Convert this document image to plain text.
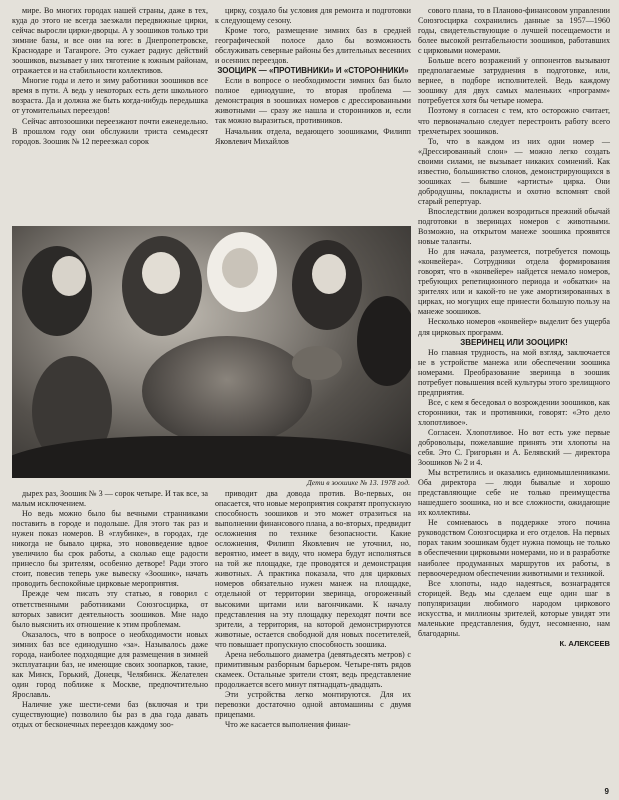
мире. Во многих городах нашей страны, даже в тех, куда до этого не всегда заезжали передвижные цирки, сейчас выросли цирки-дворцы. А у зоошиков только три зимние базы, и все они на юге: в Днепропетровске, Краснодаре и Таганроге. Это сужает радиус действий зоошиков, вызывает у них тяготение к южным районам, отражается и на стабильности коллективов.

Многие годы и лето и зиму работники зоошиков все время в пути. А ведь у некоторых есть дети школьного возраста. Да и должна же быть когда-нибудь передышка от утомительных переездов!

Сейчас автозоошики переезжают почти еженедельно. В прошлом году они обслужили триста семьдесят городов. Зоошик № 12 переезжал сорок

цирку, создало бы условия для ремонта и подготовки к следующему сезону.

Кроме того, размещение зимних баз в средней географической полосе дало бы возможность обслуживать северные районы без длительных весенних и осенних переездов.

ЗООЦИРК — «ПРОТИВНИКИ» И «СТОРОННИКИ»

Если в вопросе о необходимости зимних баз было полное единодушие, то вторая проблема — демонстрация в зоошиках номеров с дрессированными животными — сразу же нашла и сторонников и, если так можно выразиться, противников.

Начальник отдела, ведающего зоошиками, Филипп Яковлевич Михайлов

Дети в зоошике № 13. 1978 год.

дырех раз, Зоошик № 3 — сорок четыре. И так все, за малым исключением.

Но ведь можно было бы вечными странниками поставить в городе и подольше. Для этого так раз и нужен показ номеров. В «глубинке», в городах, где никогда не бывало цирка, это нововведение вдвое увеличило бы срок работы, а сколько еще радости принесло бы зрителям, особенно детворе! Ради этого стоит, повесив теперь уже вывеску «Зоошик», начать проводить беспокойные цирковые мероприятия.

Прежде чем писать эту статью, я говорил с ответственными работниками Союзгосцирка, от которых зависит деятельность зоошиков. Мне надо было выяснить их отношение к этим проблемам.

Оказалось, что в вопросе о необходимости новых зимних баз все единодушно «за». Называлось даже города, наиболее подходящие для размещения в зимней эксплуатации баз, не имеющие своих зоопарков, такие, как Минск, Горький, Донецк, Челябинск. Желателен один город поближе к Москве, предпочтительно Ярославль.

Наличие уже шести-семи баз (включая и три существующие) позволило бы раз в два года давать отдых от бесконечных переездов каждому зоо-

приводит два довода против. Во-первых, он опасается, что новые мероприятия сократят пропускную способность зоошиков и это может отразиться на выполнении финансового плана, а во-вторых, предвидит осложнения по технике безопасности. Какие осложнения, Филипп Яковлевич не уточнил, но, вероятно, имеет в виду, что номера будут исполняться на той же площадке, где проводятся и демонстрация животных. А практика показала, что для цирковых номеров обязательно нужен манеж на площадке, отдельной от территории зверинца, огороженный высокими щитами или вагончиками. К началу представления на эту площадку переходят почти все зрители, а территория, на которой демонстрируются животные, остается свободной для новых посетителей, что повышает пропускную способность зоошика.

Арена небольшого диаметра (девятьдесять метров) с примитивным разборным барьером. Четыре-пять рядов скамеек. Остальные зрители стоят, ведь представление продолжается всего минут пятнадцать-двадцать.

Эти устройства легко монтируются. Для их перевозки достаточно одной автомашины с двумя прицепами.

Что же касается выполнения финан-

сового плана, то в Планово-финансовом управлении Союзгосцирка сохранились данные за 1957—1960 годы, свидетельствующие о лучшей посещаемости и более высокой рентабельности зоошиков, работавших с цирковыми номерами.

Больше всего возражений у оппонентов вызывают предполагаемые затруднения в подготовке, или, вернее, в подборе исполнителей. Ведь каждому зоошику для двух самых маленьких «программ» потребуется хотя бы четыре номера.

Поэтому я согласен с тем, кто осторожно считает, что первоначально следует перестроить работу всего трехчетырех зоошиков.

То, что в каждом из них одни номер — «Дрессированный слон» — можно легко создать своими силами, не вызывает никаких сомнений. Как известно, большинство слонов, демонстрирующихся в зоошиках — бывшие «артисты» цирка. Они добродушны, покладисты и охотно вспомнят свой старый репертуар.

Впоследствии должен возродиться прежний обычай подготовки в зверинцах номеров с животными. Возможно, на открытом манеже зоошика проявятся новые таланты.

Но для начала, разумеется, потребуется помощь «конвейера». Сотрудники отдела формирования говорят, что в «конвейере» найдется немало номеров, требующих репетиционного периода и «обкатки» на зрителях или и какой-то не уже амортизированных в цирках, но могущих еще принести большую пользу на манеже зоошиков.

Несколько номеров «конвейер» выделит без ущерба для цирковых программ.

ЗВЕРИНЕЦ ИЛИ ЗООЦИРК!

Но главная трудность, на мой взгляд, заключается не в устройстве манежа или обеспечении зоошика номерами. Преобразование зверинца в зоошик потребует повышения всей культуры этого зрелищного предприятия.

Все, с кем я беседовал о возрождении зоошиков, как сторонники, так и противники, говорят: «Это дело хлопотливое».

Согласен. Хлопотливое. Но вот есть уже первые добровольцы, пожелавшие принять эти хлопоты на себя. Это С. Григорьян и А. Белявский — директора Зоошиков № 2 и 4.

Мы встретились и оказались единомышленниками. Оба директора — люди бывалые и хорошо представляющие себе не только преимущества нашедшего зоошика, но и все сложности, ожидающие их коллективы.

Не сомневаюсь в поддержке этого почина руководством Союзгосцирка и его отделов. На первых порах таким зоошикам будет нужна помощь не только в обеспечении цирковыми номерами, но и в разработке наиболее продуманных маршрутов их работы, в первоочередном обеспечении животными и техникой.

Все хлопоты, надо надеяться, вознаградятся сторицей. Ведь мы сделаем еще один шаг в популяризации любимого народом циркового искусства, и миллионы зрителей, которые увидят эти маленькие представления, будут, несомненно, нам благодарны.

К. АЛЕКСЕЕВ

9
